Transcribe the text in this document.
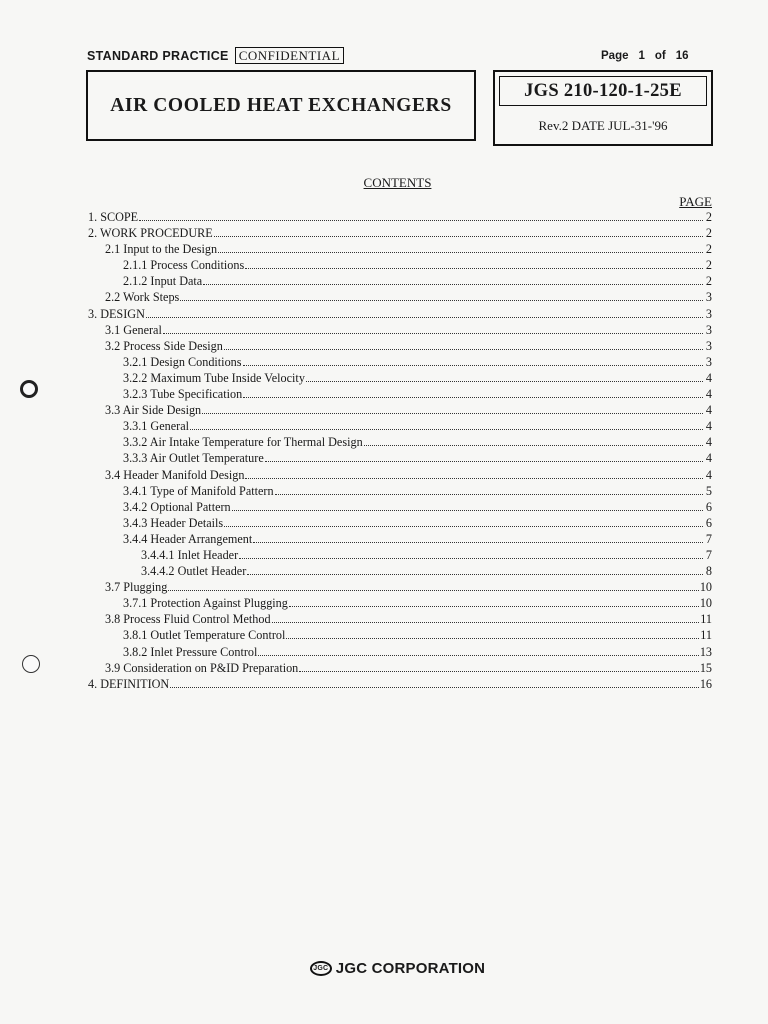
STANDARD PRACTICE CONFIDENTIAL	Page 1 of 16
AIR COOLED HEAT EXCHANGERS
JGS 210-120-1-25E
Rev.2 DATE JUL-31-'96
CONTENTS
PAGE
1. SCOPE	2
2. WORK PROCEDURE	2
2.1 Input to the Design	2
2.1.1 Process Conditions	2
2.1.2 Input Data	2
2.2 Work Steps	3
3. DESIGN	3
3.1 General	3
3.2 Process Side Design	3
3.2.1 Design Conditions	3
3.2.2 Maximum Tube Inside Velocity	4
3.2.3 Tube Specification	4
3.3 Air Side Design	4
3.3.1 General	4
3.3.2 Air Intake Temperature for Thermal Design	4
3.3.3 Air Outlet Temperature	4
3.4 Header Manifold Design	4
3.4.1 Type of Manifold Pattern	5
3.4.2 Optional Pattern	6
3.4.3 Header Details	6
3.4.4 Header Arrangement	7
3.4.4.1 Inlet Header	7
3.4.4.2 Outlet Header	8
3.7 Plugging	10
3.7.1 Protection Against Plugging	10
3.8 Process Fluid Control Method	11
3.8.1 Outlet Temperature Control	11
3.8.2 Inlet Pressure Control	13
3.9 Consideration on P&ID Preparation	15
4. DEFINITION	16
JGC JGC CORPORATION
